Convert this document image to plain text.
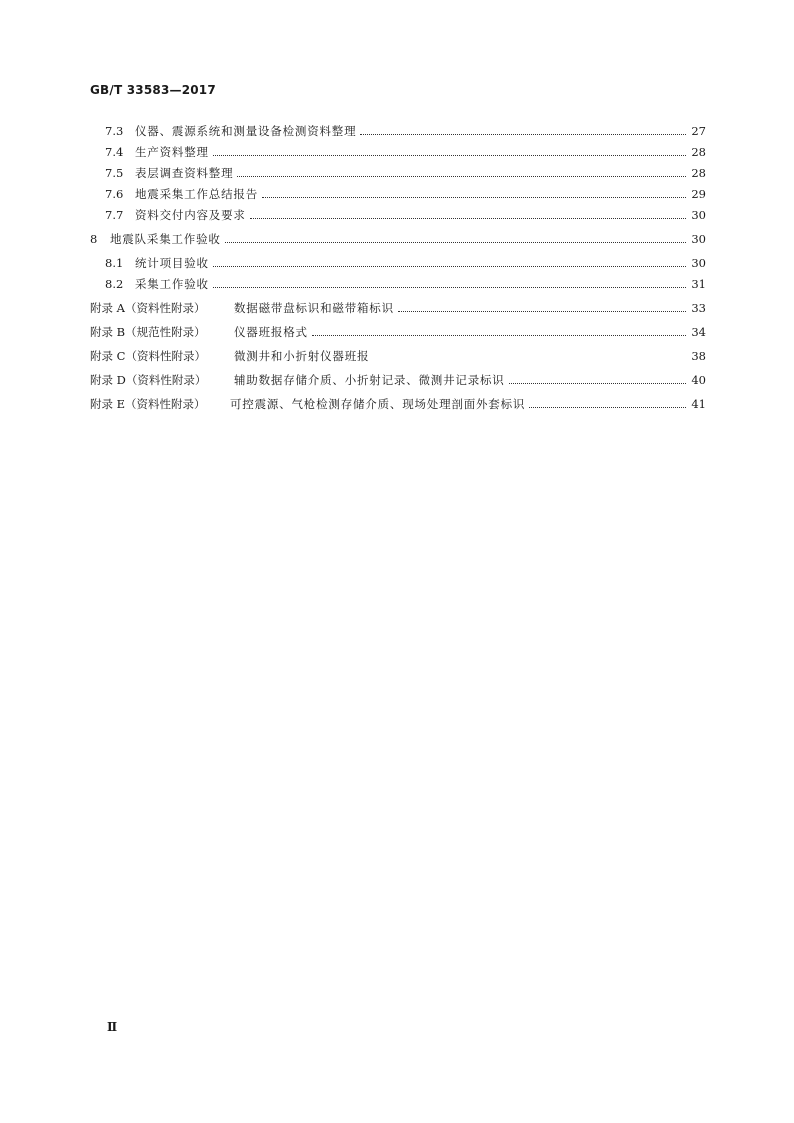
GB/T 33583—2017
7.3	仪器、震源系统和测量设备检测资料整理	27
7.4	生产资料整理	28
7.5	表层调查资料整理	28
7.6	地震采集工作总结报告	29
7.7	资料交付内容及要求	30
8	地震队采集工作验收	30
8.1	统计项目验收	30
8.2	采集工作验收	31
附录 A（资料性附录）	数据磁带盘标识和磁带箱标识	33
附录 B（规范性附录）	仪器班报格式	34
附录 C（资料性附录）	微测井和小折射仪器班报	38
附录 D（资料性附录）	辅助数据存储介质、小折射记录、微测井记录标识	40
附录 E（资料性附录）	可控震源、气枪检测存储介质、现场处理剖面外套标识	41
Ⅱ
